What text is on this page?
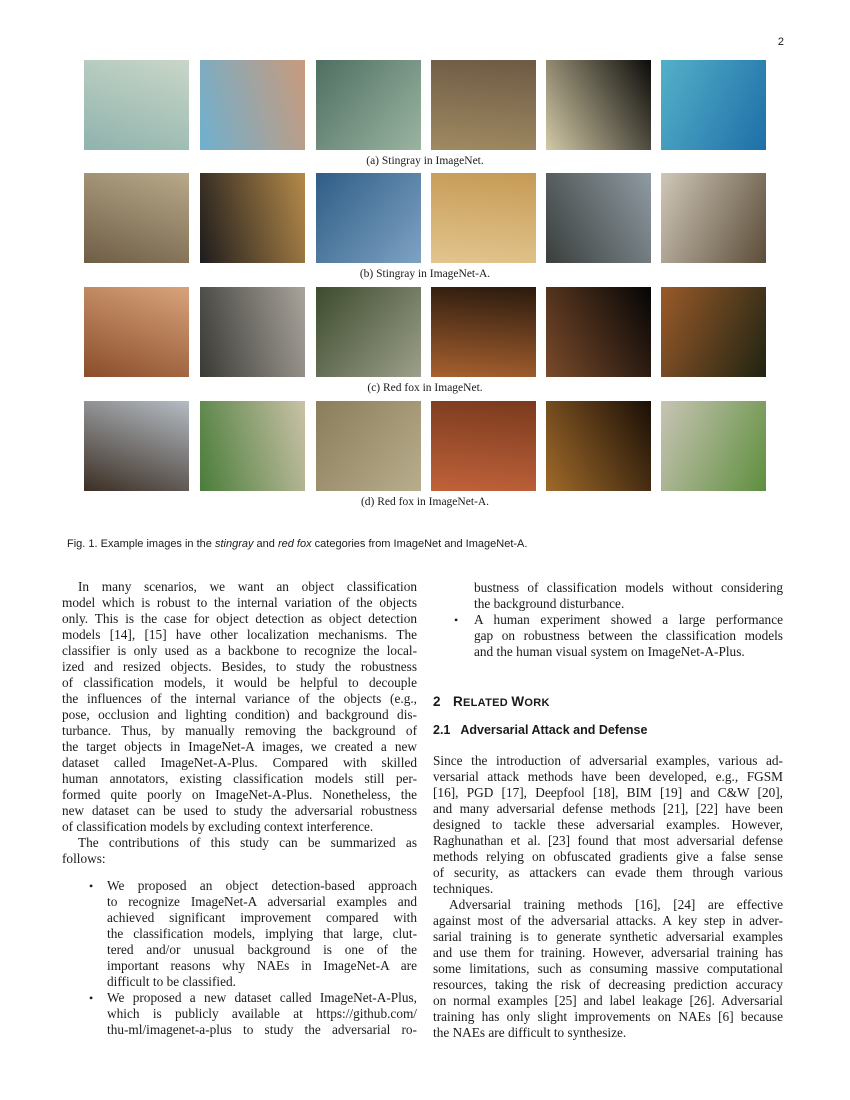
2
(a) Stingray in ImageNet.
(b) Stingray in ImageNet-A.
(c) Red fox in ImageNet.
(d) Red fox in ImageNet-A.
Fig. 1. Example images in the stingray and red fox categories from ImageNet and ImageNet-A.
In many scenarios, we want an object classification
model which is robust to the internal variation of the objects
only. This is the case for object detection as object detection
models [14], [15] have other localization mechanisms. The
classifier is only used as a backbone to recognize the local-
ized and resized objects. Besides, to study the robustness
of classification models, it would be helpful to decouple
the influences of the internal variance of the objects (e.g.,
pose, occlusion and lighting condition) and background dis-
turbance. Thus, by manually removing the background of
the target objects in ImageNet-A images, we created a new
dataset called ImageNet-A-Plus. Compared with skilled
human annotators, existing classification models still per-
formed quite poorly on ImageNet-A-Plus. Nonetheless, the
new dataset can be used to study the adversarial robustness
of classification models by excluding context interference.
The contributions of this study can be summarized as
follows:
• We proposed an object detection-based approach
to recognize ImageNet-A adversarial examples and
achieved significant improvement compared with
the classification models, implying that large, clut-
tered and/or unusual background is one of the
important reasons why NAEs in ImageNet-A are
difficult to be classified.
• We proposed a new dataset called ImageNet-A-Plus,
which is publicly available at https://github.com/
thu-ml/imagenet-a-plus to study the adversarial ro-
bustness of classification models without considering
the background disturbance.
• A human experiment showed a large performance
gap on robustness between the classification models
and the human visual system on ImageNet-A-Plus.
Since the introduction of adversarial examples, various ad-
versarial attack methods have been developed, e.g., FGSM
[16], PGD [17], Deepfool [18], BIM [19] and C&W [20],
and many adversarial defense methods [21], [22] have been
designed to tackle these adversarial examples. However,
Raghunathan et al. [23] found that most adversarial defense
methods relying on obfuscated gradients give a false sense
of security, as attackers can evade them through various
techniques.
Adversarial training methods [16], [24] are effective
against most of the adversarial attacks. A key step in adver-
sarial training is to generate synthetic adversarial examples
and use them for training. However, adversarial training has
some limitations, such as consuming massive computational
resources, taking the risk of decreasing prediction accuracy
on normal examples [25] and label leakage [26]. Adversarial
training has only slight improvements on NAEs [6] because
the NAEs are difficult to synthesize.
2 RELATED WORK
2.1   Adversarial Attack and Defense
